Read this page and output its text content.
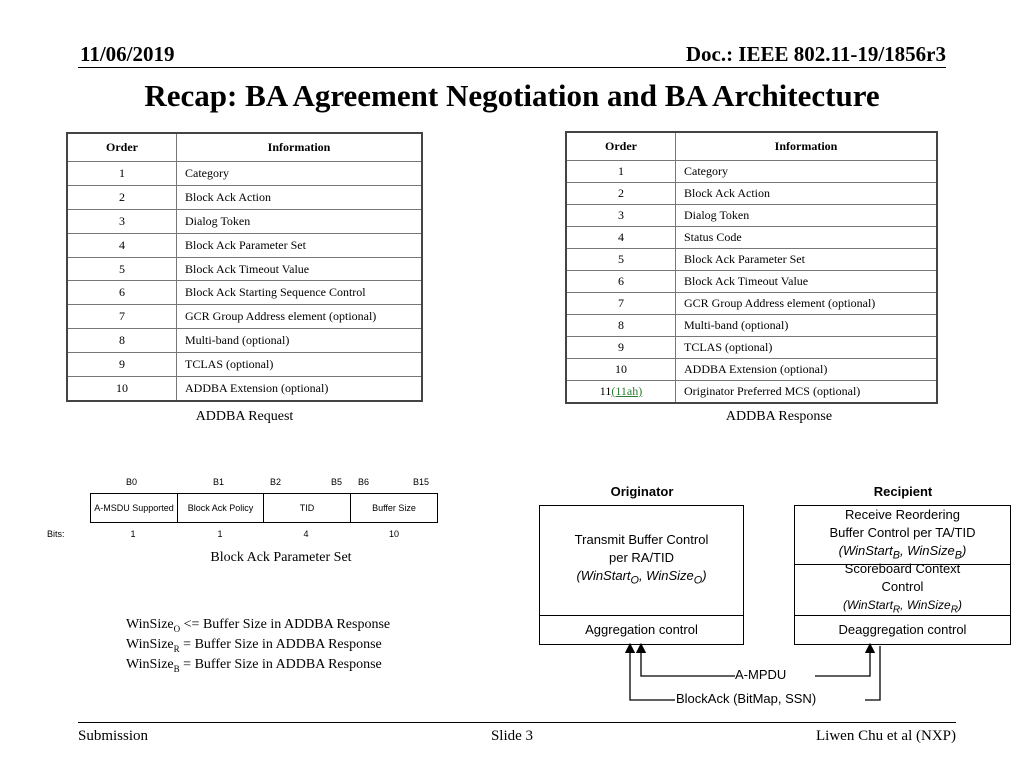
11/06/2019	Doc.: IEEE 802.11-19/1856r3
Recap: BA Agreement Negotiation and BA Architecture
Order	Information
1	Category
2	Block Ack Action
3	Dialog Token
4	Block Ack Parameter Set
5	Block Ack Timeout Value
6	Block Ack Starting Sequence Control
7	GCR Group Address element (optional)
8	Multi-band (optional)
9	TCLAS (optional)
10	ADDBA Extension (optional)
ADDBA Request
Order	Information
1	Category
2	Block Ack Action
3	Dialog Token
4	Status Code
5	Block Ack Parameter Set
6	Block Ack Timeout Value
7	GCR Group Address element (optional)
8	Multi-band (optional)
9	TCLAS (optional)
10	ADDBA Extension (optional)
11(11ah)	Originator Preferred MCS (optional)
ADDBA Response
B0	B1	B2	B5 B6	B15
A-MSDU Supported	Block Ack Policy	TID	Buffer Size
Bits:	1	1	4	10
Block Ack Parameter Set
WinSize$_O$ <= Buffer Size in ADDBA Response
WinSize$_R$ = Buffer Size in ADDBA Response
WinSize$_B$ = Buffer Size in ADDBA Response
Originator	Recipient
Transmit Buffer Control
per RA/TID
(WinStart$_O$, WinSize$_O$)
Aggregation control
Receive Reordering
Buffer Control per TA/TID
(WinStart$_B$, WinSize$_B$)
Scoreboard Context
Control
(WinStart$_R$, WinSize$_R$)
Deaggregation control
A-MPDU
BlockAck (BitMap, SSN)
Submission	Slide 3	Liwen Chu et al (NXP)
